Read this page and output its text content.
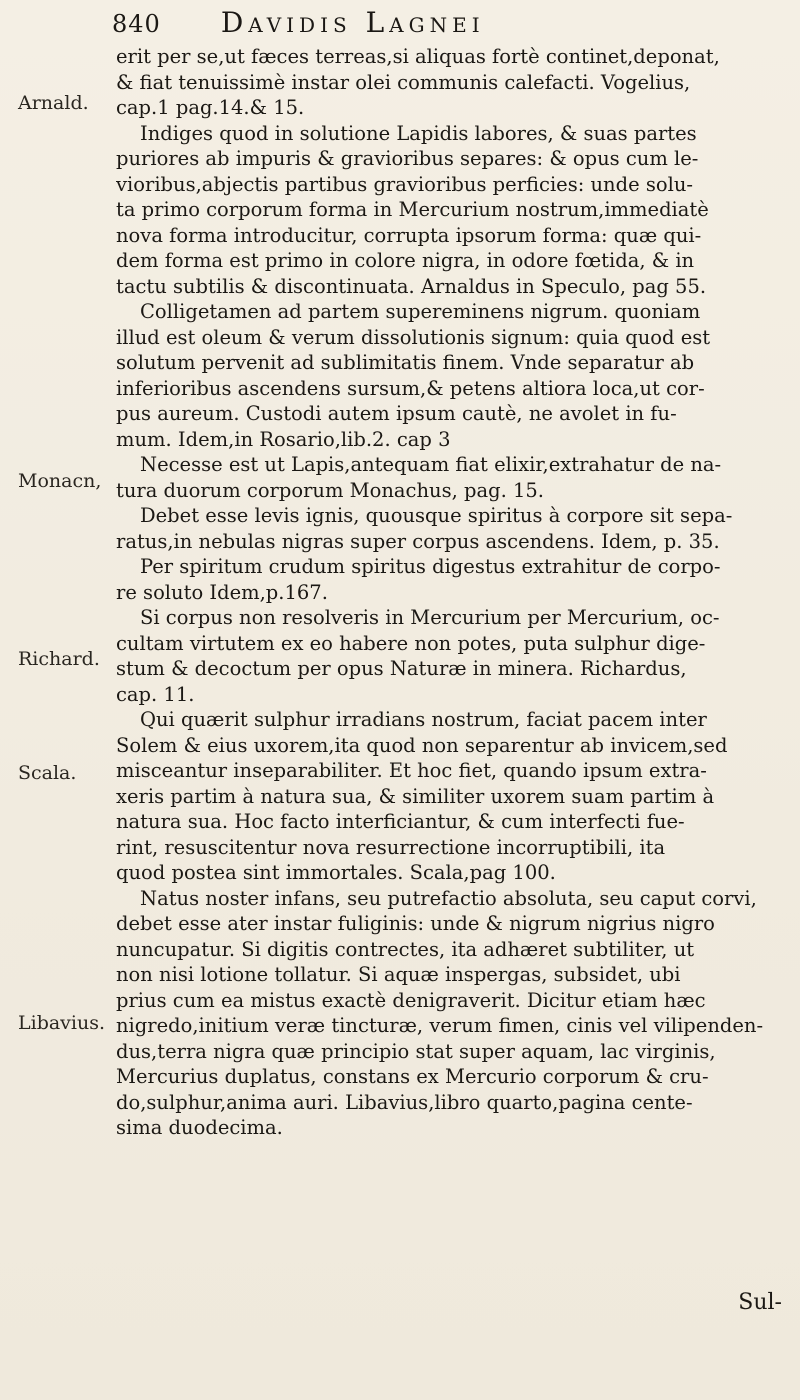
840 Davidis Lagnei
Arnald.
Monacn,
Richard.
Scala.
Libavius.
erit per se,ut fæces terreas,si aliquas fortè continet,deponat,
& fiat tenuissimè instar olei communis calefacti. Vogelius,
cap.1 pag.14.& 15.
Indiges quod in solutione Lapidis labores, & suas partes
puriores ab impuris & gravioribus separes: & opus cum le-
vioribus,abjectis partibus gravioribus perficies: unde solu-
ta primo corporum forma in Mercurium nostrum,immediatè
nova forma introducitur, corrupta ipsorum forma: quæ qui-
dem forma est primo in colore nigra, in odore fœtida, & in
tactu subtilis & discontinuata. Arnaldus in Speculo, pag 55.
Colligetamen ad partem supereminens nigrum. quoniam
illud est oleum & verum dissolutionis signum: quia quod est
solutum pervenit ad sublimitatis finem. Vnde separatur ab
inferioribus ascendens sursum,& petens altiora loca,ut cor-
pus aureum. Custodi autem ipsum cautè, ne avolet in fu-
mum. Idem,in Rosario,lib.2. cap 3
Necesse est ut Lapis,antequam fiat elixir,extrahatur de na-
tura duorum corporum Monachus, pag. 15.
Debet esse levis ignis, quousque spiritus à corpore sit sepa-
ratus,in nebulas nigras super corpus ascendens. Idem, p. 35.
Per spiritum crudum spiritus digestus extrahitur de corpo-
re soluto Idem,p.167.
Si corpus non resolveris in Mercurium per Mercurium, oc-
cultam virtutem ex eo habere non potes, puta sulphur dige-
stum & decoctum per opus Naturæ in minera. Richardus,
cap. 11.
Qui quærit sulphur irradians nostrum, faciat pacem inter
Solem & eius uxorem,ita quod non separentur ab invicem,sed
misceantur inseparabiliter. Et hoc fiet, quando ipsum extra-
xeris partim à natura sua, & similiter uxorem suam partim à
natura sua. Hoc facto interficiantur, & cum interfecti fue-
rint, resuscitentur nova resurrectione incorruptibili, ita
quod postea sint immortales. Scala,pag 100.
Natus noster infans, seu putrefactio absoluta, seu caput corvi,
debet esse ater instar fuliginis: unde & nigrum nigrius nigro
nuncupatur. Si digitis contrectes, ita adhæret subtiliter, ut
non nisi lotione tollatur. Si aquæ inspergas, subsidet, ubi
prius cum ea mistus exactè denigraverit. Dicitur etiam hæc
nigredo,initium veræ tincturæ, verum fimen, cinis vel vilipenden-
dus,terra nigra quæ principio stat super aquam, lac virginis,
Mercurius duplatus, constans ex Mercurio corporum & cru-
do,sulphur,anima auri. Libavius,libro quarto,pagina cente-
sima duodecima.
Sul-
